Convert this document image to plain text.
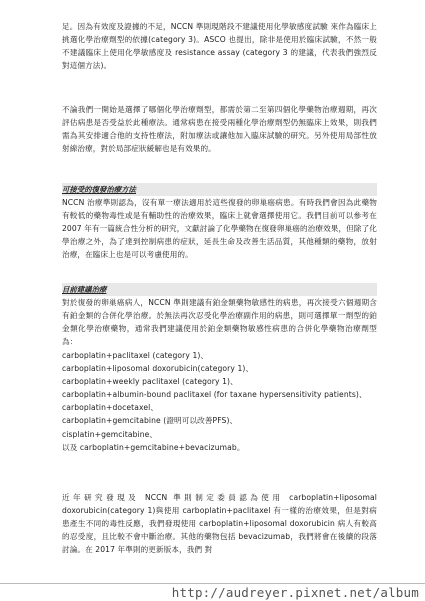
足。因為有效度及證據的不足，NCCN 準則現階段不建議使用化學敏感度試驗 來作為臨床上挑選化學治療劑型的依據(category 3)。ASCO 也提出，除非是使用於臨床試驗，不然一般不建議臨床上使用化學敏感度及 resistance assay (category 3 的建議，代表我們強烈反對這個方法)。

不論我們一開始是選擇了哪個化學治療劑型，都需於第二至第四個化學藥物治療週期，再次評估病患是否受益於此種療法。通常病患在接受兩種化學治療劑型仍無臨床上效果，則我們需為其安排適合他的支持性療法，附加療法或讓他加入臨床試驗的研究。另外使用局部性放射線治療，對於局部症狀緩解也是有效果的。

可接受的復發治療方法

NCCN 治療準則認為，沒有單一療法適用於這些復發的卵巢癌病患。有時我們會因為此藥物有較低的藥物毒性或是有輔助性的治療效果，臨床上就會選擇使用它。我們目前可以參考在 2007 年有一篇統合性分析的研究，文獻討論了化學藥物在復發卵巢癌的治療效果，但除了化學治療之外，為了達到控制病患的症狀，延長生命及改善生活品質，其他種類的藥物，放射治療，在臨床上也是可以考慮使用的。

目前建議治療

對於復發的卵巢癌病人，NCCN 準則建議有鉑金類藥物敏感性的病患，再次接受六個週期含有鉑金類的合併化學治療。於無法再次忍受化學治療副作用的病患，則可選擇單一劑型的鉑金類化學治療藥物，通常我們建議使用於鉑金類藥物敏感性病患的合併化學藥物治療劑型為：

carboplatin+paclitaxel (category 1)、

carboplatin+liposomal doxorubicin(category 1)、

carboplatin+weekly paclitaxel (category 1)、

carboplatin+albumin-bound paclitaxel (for taxane hypersensitivity patients)、

carboplatin+docetaxel、

carboplatin+gemcitabine (證明可以改善PFS)、

cisplatin+gemcitabine、

以及 carboplatin+gemcitabine+bevacizumab。

近年研究發現及 NCCN 準則制定委員認為使用 carboplatin+liposomal doxorubicin(category 1)與使用 carboplatin+paclitaxel 有一樣的治療效果，但是對病患產生不同的毒性反應，我們發現使用 carboplatin+liposomal doxorubicin 病人有較高的忍受度，且比較不會中斷治療。其他的藥物包括 bevacizumab，我們將會在後續的段落討論。在 2017 年準則的更新版本，我們 對

http://audreyer.pixnet.net/album
